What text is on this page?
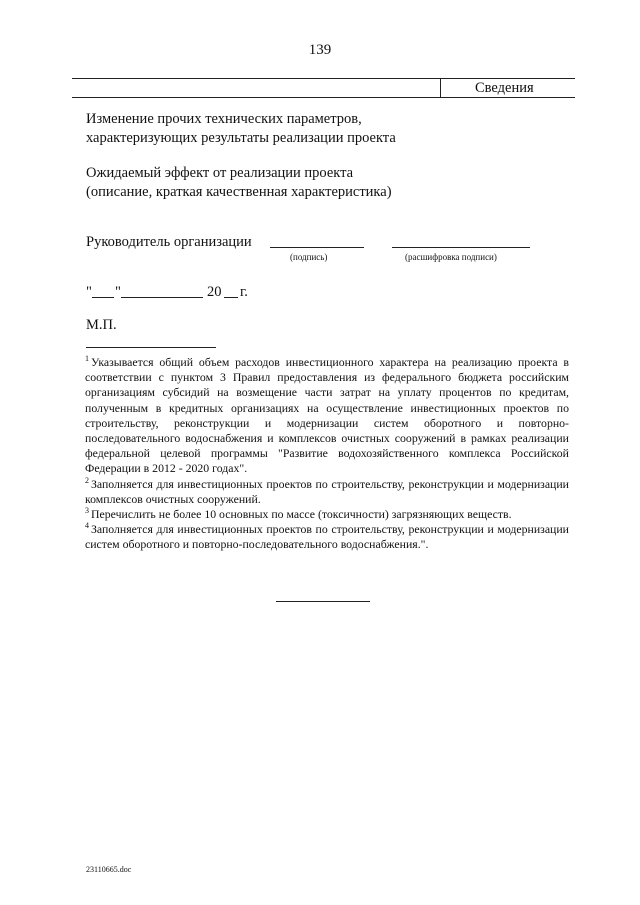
139
Сведения
Изменение прочих технических параметров,
характеризующих результаты реализации проекта
Ожидаемый эффект от реализации проекта
(описание, краткая качественная характеристика)
Руководитель организации
(подпись)	(расшифровка подписи)
" "	20 г.
М.П.

$^1$ Указывается общий объем расходов инвестиционного характера на реализацию проекта в соответствии с пунктом 3 Правил предоставления из федерального бюджета российским организациям субсидий на возмещение части затрат на уплату процентов по кредитам, полученным в кредитных организациях на осуществление инвестиционных проектов по строительству, реконструкции и модернизации систем оборотного и повторно-последовательного водоснабжения и комплексов очистных сооружений в рамках реализации федеральной целевой программы "Развитие водохозяйственного комплекса Российской Федерации в 2012 - 2020 годах".

$^2$ Заполняется для инвестиционных проектов по строительству, реконструкции и модернизации комплексов очистных сооружений.

$^3$ Перечислить не более 10 основных по массе (токсичности) загрязняющих веществ.

$^4$ Заполняется для инвестиционных проектов по строительству, реконструкции и модернизации систем оборотного и повторно-последовательного водоснабжения.".

23110665.doc
